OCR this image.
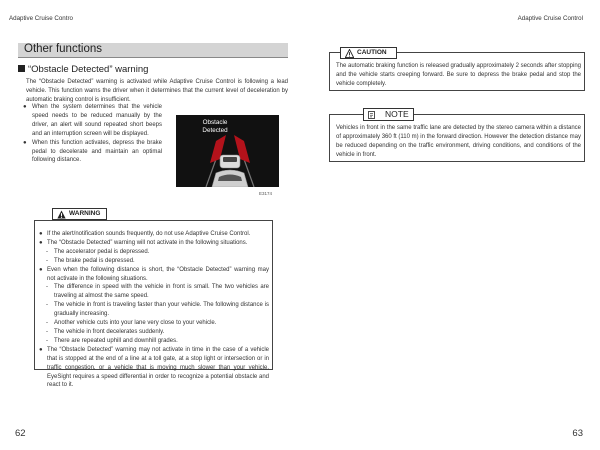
Adaptive Cruise Contro	Adaptive Cruise Control
Other functions
“Obstacle Detected” warning

The “Obstacle Detected” warning is activated while Adaptive Cruise Control is following a lead vehicle. This function warns the driver when it determines that the current level of deceleration by automatic braking control is insufficient.

● When the system determines that the vehicle speed needs to be reduced manually by the driver, an alert will sound repeated short beeps and an interruption screen will be displayed.
● When this function activates, depress the brake pedal to decelerate and maintain an optimal following distance.
Obstacle
Detected
E3174
● If the alert/notification sounds frequently, do not use Adaptive Cruise Control.
● The “Obstacle Detected” warning will not activate in the following situations.
- The accelerator pedal is depressed.
- The brake pedal is depressed.
● Even when the following distance is short, the “Obstacle Detected” warning may not activate in the following situations.
- The difference in speed with the vehicle in front is small. The two vehicles are traveling at almost the same speed.
- The vehicle in front is traveling faster than your vehicle. The following distance is gradually increasing.
- Another vehicle cuts into your lane very close to your vehicle.
- The vehicle in front decelerates suddenly.
- There are repeated uphill and downhill grades.
● The “Obstacle Detected” warning may not activate in time in the case of a vehicle that is stopped at the end of a line at a toll gate, at a stop light or intersection or in traffic congestion, or a vehicle that is moving much slower than your vehicle. EyeSight requires a speed differential in order to recognize a potential obstacle and react to it.
WARNING
62

The automatic braking function is released gradually approximately 2 seconds after stopping and the vehicle starts creeping forward. Be sure to depress the brake pedal and stop the vehicle completely.

CAUTION

Vehicles in front in the same traffic lane are detected by the stereo camera within a distance of approximately 360 ft (110 m) in the forward direction. However the detection distance may be reduced depending on the traffic environment, driving conditions, and conditions of the vehicle in front.

NOTE
63
